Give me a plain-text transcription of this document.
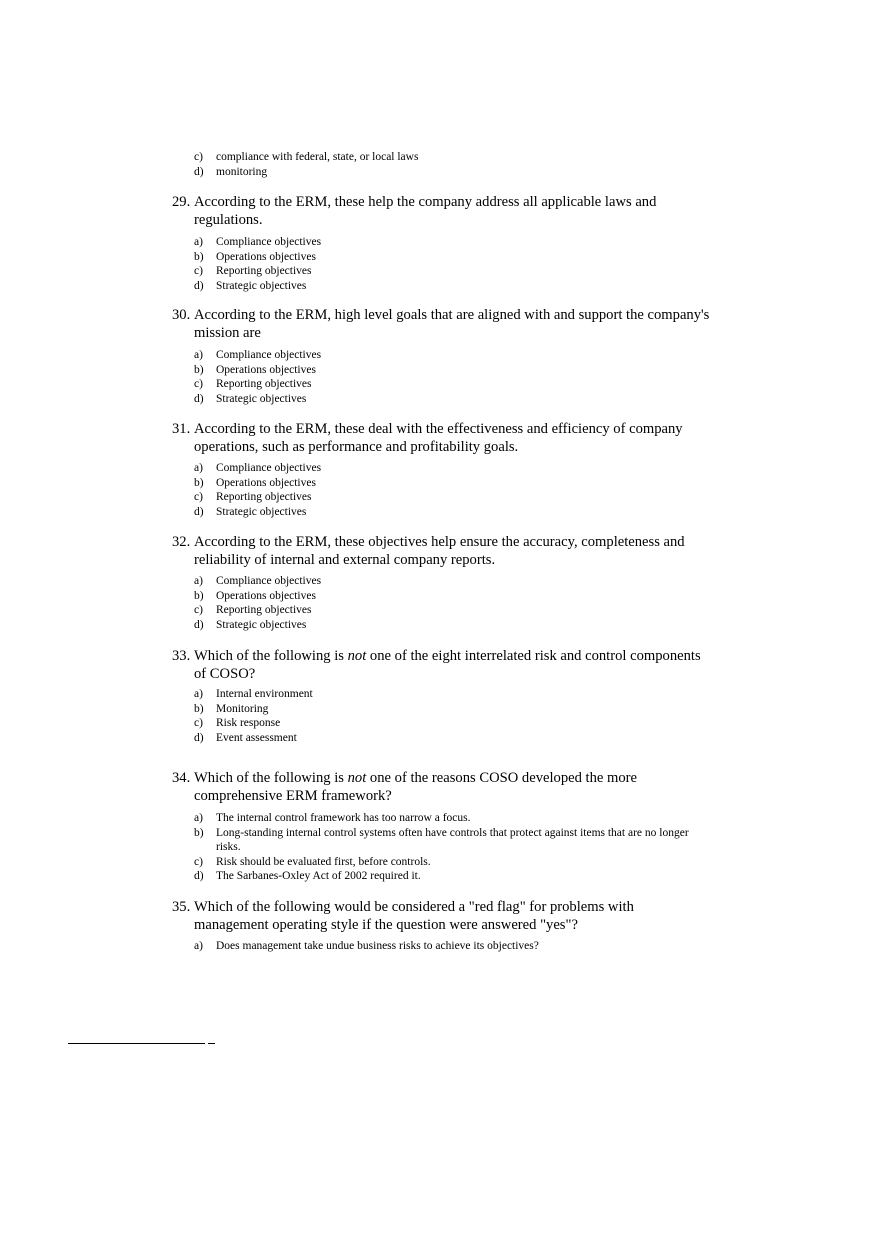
c)	compliance with federal, state, or local laws
d)	monitoring
29. According to the ERM, these help the company address all applicable laws and regulations.
a)	Compliance objectives
b)	Operations objectives
c)	Reporting objectives
d)	Strategic objectives
30. According to the ERM, high level goals that are aligned with and support the company's mission are
a)	Compliance objectives
b)	Operations objectives
c)	Reporting objectives
d)	Strategic objectives
31. According to the ERM, these deal with the effectiveness and efficiency of company operations, such as performance and profitability goals.
a)	Compliance objectives
b)	Operations objectives
c)	Reporting objectives
d)	Strategic objectives
32. According to the ERM, these objectives help ensure the accuracy, completeness and reliability of internal and external company reports.
a)	Compliance objectives
b)	Operations objectives
c)	Reporting objectives
d)	Strategic objectives
33. Which of the following is not one of the eight interrelated risk and control components of COSO?
a)	Internal environment
b)	Monitoring
c)	Risk response
d)	Event assessment
34. Which of the following is not one of the reasons COSO developed the more comprehensive ERM framework?
a)	The internal control framework has too narrow a focus.
b)	Long-standing internal control systems often have controls that protect against items that are no longer risks.
c)	Risk should be evaluated first, before controls.
d)	The Sarbanes-Oxley Act of 2002 required it.
35. Which of the following would be considered a "red flag" for problems with management operating style if the question were answered "yes"?
a)	Does management take undue business risks to achieve its objectives?
